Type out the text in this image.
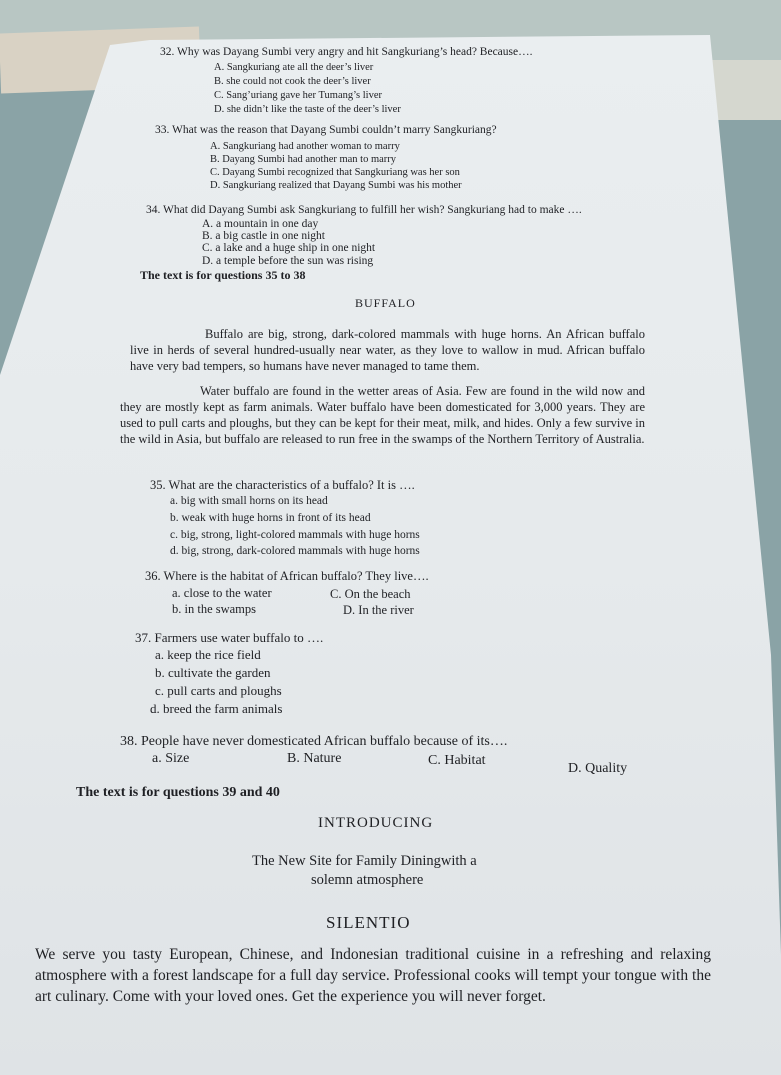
32. Why was Dayang Sumbi very angry and hit Sangkuriang’s head? Because….
A. Sangkuriang ate all the deer’s liver
B. she could not cook the deer’s liver
C. Sang’uriang gave her Tumang’s liver
D. she didn’t like the taste of the deer’s liver
33. What was the reason that Dayang Sumbi couldn’t marry Sangkuriang?
A. Sangkuriang had another woman to marry
B. Dayang Sumbi had another man to marry
C. Dayang Sumbi recognized that Sangkuriang was her son
D. Sangkuriang realized that Dayang Sumbi was his mother
34. What did Dayang Sumbi ask Sangkuriang to fulfill her wish? Sangkuriang had to make ….
A. a mountain in one day
B. a big castle in one night
C. a lake and a huge ship in one night
D. a temple before the sun was rising
The text is for questions 35 to 38
BUFFALO
Buffalo are big, strong, dark-colored mammals with huge horns. An African buffalo live in herds of several hundred-usually near water, as they love to wallow in mud. African buffalo have very bad tempers, so humans have never managed to tame them.
Water buffalo are found in the wetter areas of Asia. Few are found in the wild now and they are mostly kept as farm animals. Water buffalo have been domesticated for 3,000 years. They are used to pull carts and ploughs, but they can be kept for their meat, milk, and hides. Only a few survive in the wild in Asia, but buffalo are released to run free in the swamps of the Northern Territory of Australia.
35. What are the characteristics of a buffalo? It is ….
a. big with small horns on its head
b. weak with huge horns in front of its head
c. big, strong, light-colored mammals with huge horns
d. big, strong, dark-colored mammals with huge horns
36. Where is the habitat of African buffalo? They live….
a. close to the water	C. On the beach
b. in the swamps	D. In the river
37. Farmers use water buffalo to ….
a. keep the rice field
b. cultivate the garden
c. pull carts and ploughs
d. breed the farm animals
38. People have never domesticated African buffalo because of its….
a. Size	B. Nature	C. Habitat
D. Quality
The text is for questions 39 and 40
INTRODUCING
The New Site for Family Diningwith a
solemn atmosphere
SILENTIO
We serve you tasty European, Chinese, and Indonesian traditional cuisine in a refreshing and relaxing atmosphere with a forest landscape for a full day service. Professional cooks will tempt your tongue with the art culinary. Come with your loved ones. Get the experience you will never forget.
